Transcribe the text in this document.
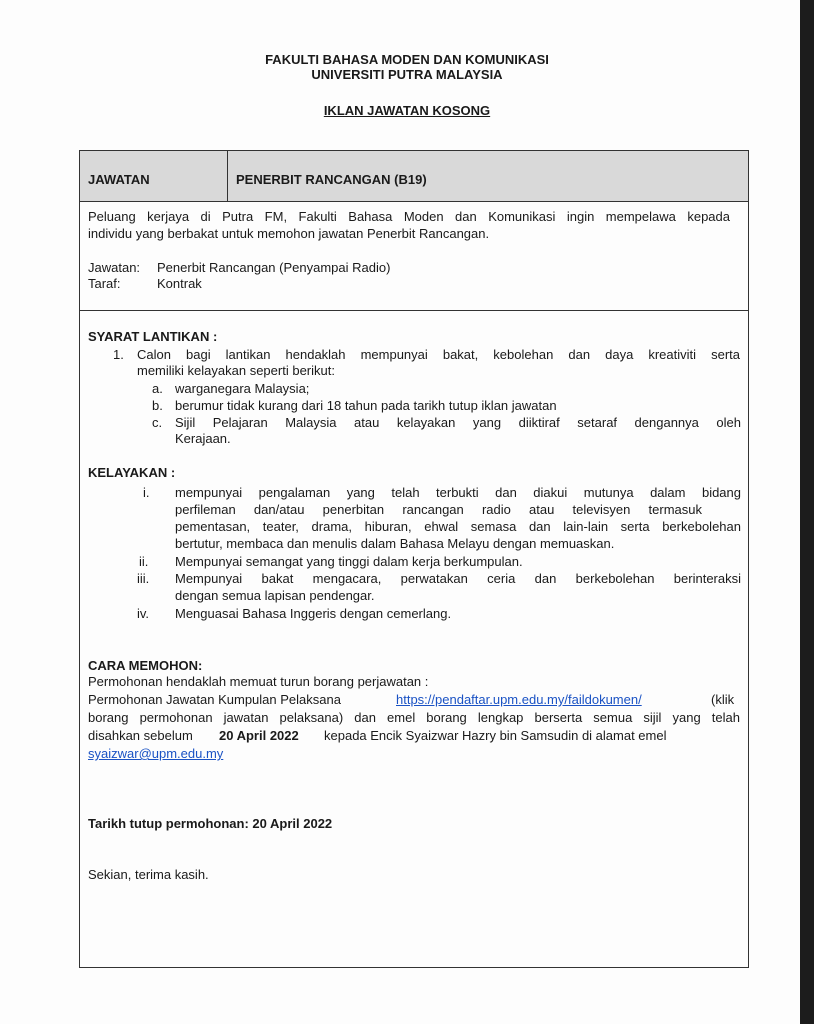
FAKULTI BAHASA MODEN DAN KOMUNIKASI
UNIVERSITI PUTRA MALAYSIA
IKLAN JAWATAN KOSONG
JAWATAN	PENERBIT RANCANGAN (B19)
Peluang kerjaya di Putra FM, Fakulti Bahasa Moden dan Komunikasi ingin mempelawa kepada
individu yang berbakat untuk memohon jawatan Penerbit Rancangan.
Jawatan: Penerbit Rancangan (Penyampai Radio)
Taraf:	Kontrak
SYARAT LANTIKAN :
1. Calon bagi lantikan hendaklah mempunyai bakat, kebolehan dan daya kreativiti serta
memiliki kelayakan seperti berikut:
a. warganegara Malaysia;
b. berumur tidak kurang dari 18 tahun pada tarikh tutup iklan jawatan
c. Sijil Pelajaran Malaysia atau kelayakan yang diiktiraf setaraf dengannya oleh
Kerajaan.
KELAYAKAN :
i. mempunyai pengalaman yang telah terbukti dan diakui mutunya dalam bidang
perfileman dan/atau penerbitan rancangan radio atau televisyen termasuk
pementasan, teater, drama, hiburan, ehwal semasa dan lain-lain serta berkebolehan
bertutur, membaca dan menulis dalam Bahasa Melayu dengan memuaskan.
ii. Mempunyai semangat yang tinggi dalam kerja berkumpulan.
iii. Mempunyai bakat mengacara, perwatakan ceria dan berkebolehan berinteraksi
dengan semua lapisan pendengar.
iv. Menguasai Bahasa Inggeris dengan cemerlang.
CARA MEMOHON:
Permohonan hendaklah memuat turun borang perjawatan :
Permohonan Jawatan Kumpulan Pelaksana	https://pendaftar.upm.edu.my/faildokumen/	(klik
borang permohonan jawatan pelaksana) dan emel borang lengkap berserta semua sijil yang telah
disahkan sebelum 20 April 2022 kepada Encik Syaizwar Hazry bin Samsudin di alamat emel
syaizwar@upm.edu.my
Tarikh tutup permohonan: 20 April 2022
Sekian, terima kasih.
